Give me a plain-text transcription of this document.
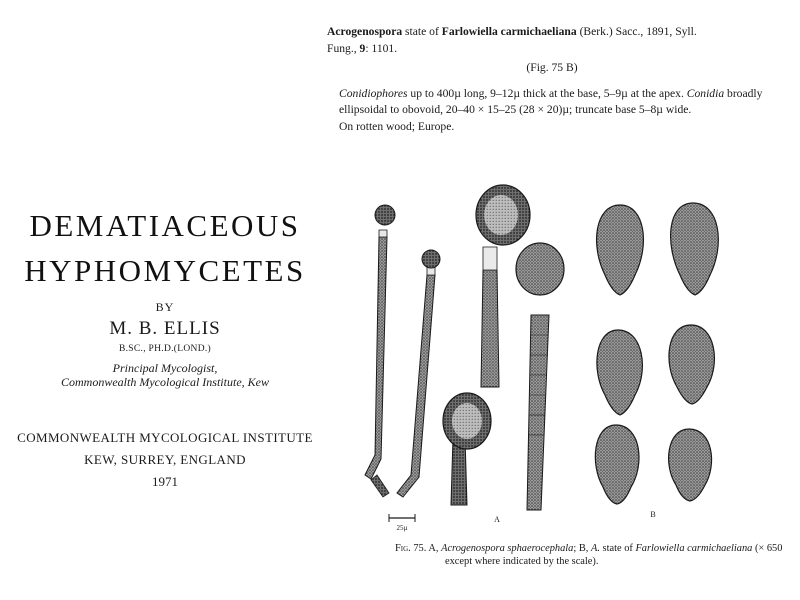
DEMATIACEOUS
HYPHOMYCETES
BY
M. B. ELLIS
B.SC., PH.D.(LOND.)
Principal Mycologist,
Commonwealth Mycological Institute, Kew
COMMONWEALTH MYCOLOGICAL INSTITUTE
KEW, SURREY, ENGLAND
1971

Acrogenospora state of Farlowiella carmichaeliana (Berk.) Sacc., 1891, Syll.
Fung., 9: 1101.

(Fig. 75 B)

Conidiophores up to 400µ long, 9–12µ thick at the base, 5–9µ at the apex. Conidia broadly ellipsoidal to obovoid, 20–40 × 15–25 (28 × 20)µ; truncate base 5–8µ wide.

On rotten wood; Europe.

25µ
A
B
Fig. 75. A, Acrogenospora sphaerocephala; B, A. state of Farlowiella carmichaeliana (× 650
except where indicated by the scale).
